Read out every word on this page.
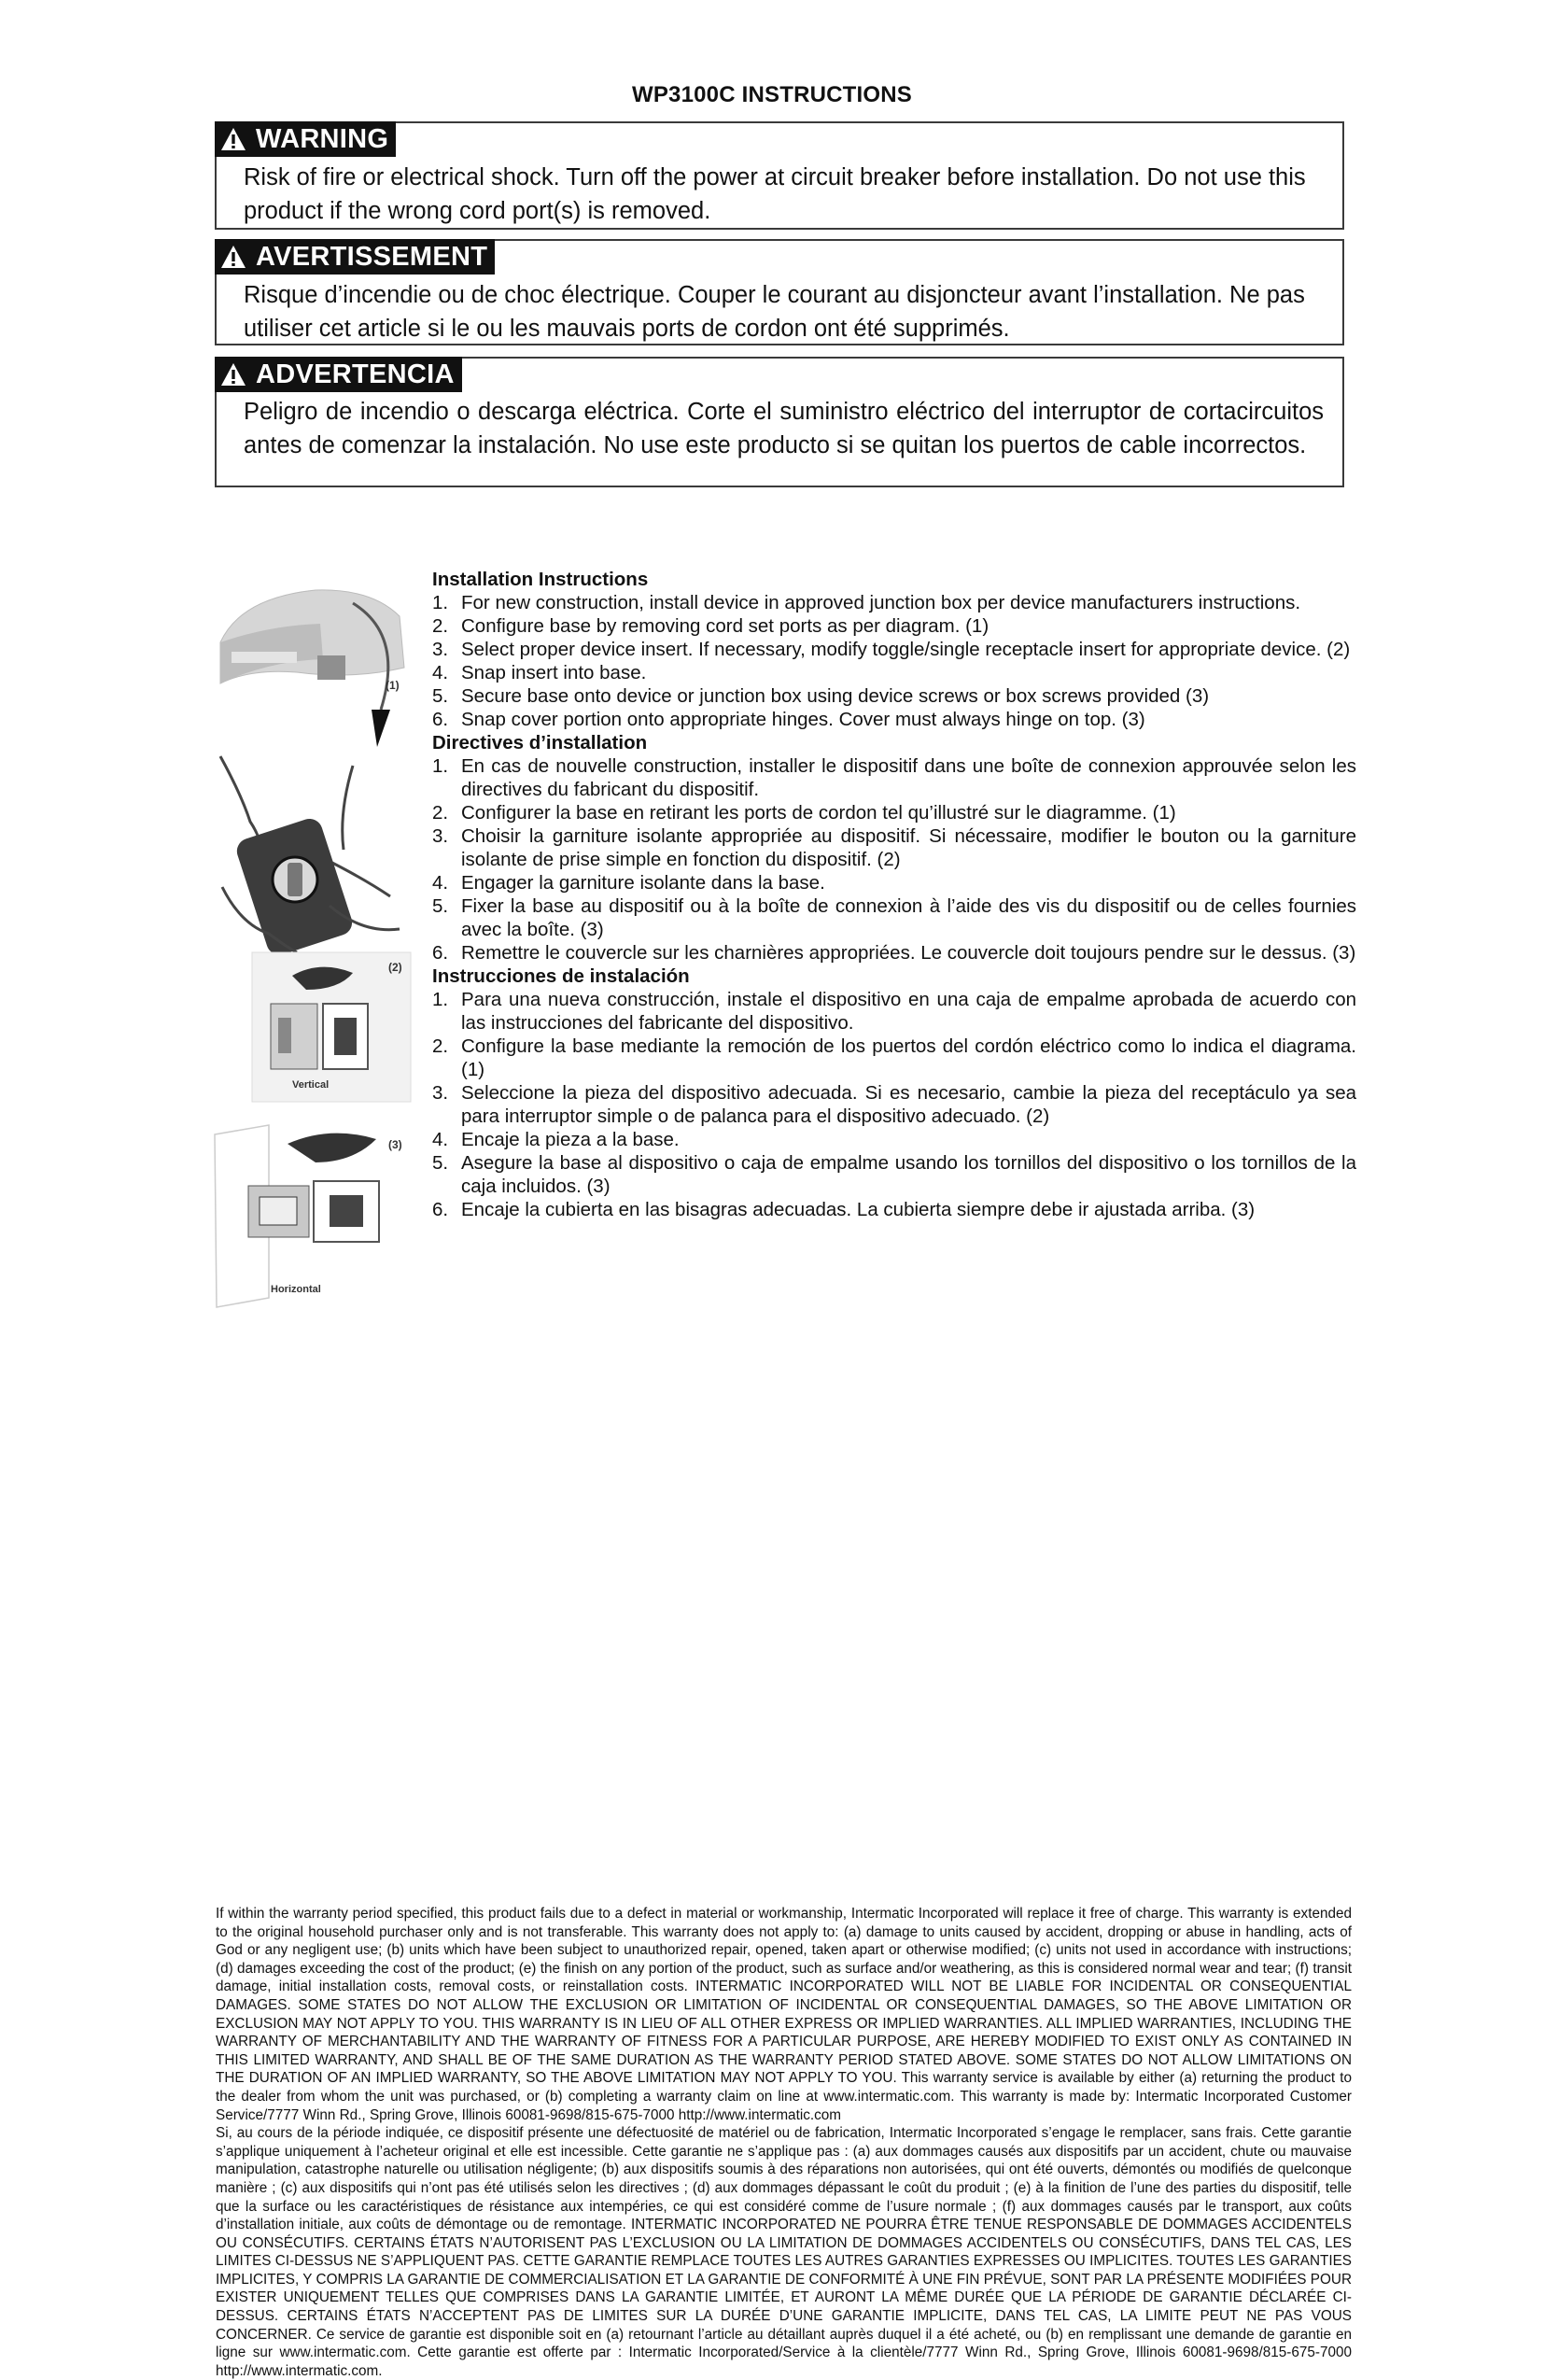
WP3100C INSTRUCTIONS
WARNING
Risk of fire or electrical shock. Turn off the power at circuit breaker before installation. Do not use this product if the wrong cord port(s) is removed.
AVERTISSEMENT
Risque d’incendie ou de choc électrique. Couper le courant au disjoncteur avant l’installation. Ne pas utiliser cet article si le ou les mauvais ports de cordon ont été supprimés.
ADVERTENCIA
Peligro de incendio o descarga eléctrica. Corte el suministro eléctrico del interruptor de cortacircuitos antes de comenzar la instalación. No use este producto si se quitan los puertos de cable incorrectos.
(1)
(2)
Vertical
(3)
Horizontal
Installation Instructions
1. For new construction, install device in approved junction box per device manufacturers instructions.
2. Configure base by removing cord set ports as per diagram. (1)
3. Select proper device insert. If necessary, modify toggle/single receptacle insert for appropriate device. (2)
4. Snap insert into base.
5. Secure base onto device or junction box using device screws or box screws provided (3)
6. Snap cover portion onto appropriate hinges. Cover must always hinge on top. (3)
Directives d’installation
1. En cas de nouvelle construction, installer le dispositif dans une boîte de connexion approuvée selon les directives du fabricant du dispositif.
2. Configurer la base en retirant les ports de cordon tel qu’illustré sur le diagramme. (1)
3. Choisir la garniture isolante appropriée au dispositif. Si nécessaire, modifier le bouton ou la garniture isolante de prise simple en fonction du dispositif. (2)
4. Engager la garniture isolante dans la base.
5. Fixer la base au dispositif ou à la boîte de connexion à l’aide des vis du dispositif ou de celles fournies avec la boîte. (3)
6. Remettre le couvercle sur les charnières appropriées. Le couvercle doit toujours pendre sur le dessus. (3)
Instrucciones de instalación
1. Para una nueva construcción, instale el dispositivo en una caja de empalme aprobada de acuerdo con las instrucciones del fabricante del dispositivo.
2. Configure la base mediante la remoción de los puertos del cordón eléctrico como lo indica el diagrama. (1)
3. Seleccione la pieza del dispositivo adecuada. Si es necesario, cambie la pieza del receptáculo ya sea para interruptor simple o de palanca para el dispositivo adecuado. (2)
4. Encaje la pieza a la base.
5. Asegure la base al dispositivo o caja de empalme usando los tornillos del dispositivo o los tornillos de la caja incluidos. (3)
6. Encaje la cubierta en las bisagras adecuadas. La cubierta siempre debe ir ajustada arriba. (3)

If within the warranty period specified, this product fails due to a defect in material or workmanship, Intermatic Incorporated will replace it free of charge. This warranty is extended to the original household purchaser only and is not transferable. This warranty does not apply to: (a) damage to units caused by accident, dropping or abuse in handling, acts of God or any negligent use; (b) units which have been subject to unauthorized repair, opened, taken apart or otherwise modified; (c) units not used in accordance with instructions; (d) damages exceeding the cost of the product; (e) the finish on any portion of the product, such as surface and/or weathering, as this is considered normal wear and tear; (f) transit damage, initial installation costs, removal costs, or reinstallation costs. INTERMATIC INCORPORATED WILL NOT BE LIABLE FOR INCIDENTAL OR CONSEQUENTIAL DAMAGES. SOME STATES DO NOT ALLOW THE EXCLUSION OR LIMITATION OF INCIDENTAL OR CONSEQUENTIAL DAMAGES, SO THE ABOVE LIMITATION OR EXCLUSION MAY NOT APPLY TO YOU. THIS WARRANTY IS IN LIEU OF ALL OTHER EXPRESS OR IMPLIED WARRANTIES. ALL IMPLIED WARRANTIES, INCLUDING THE WARRANTY OF MERCHANTABILITY AND THE WARRANTY OF FITNESS FOR A PARTICULAR PURPOSE, ARE HEREBY MODIFIED TO EXIST ONLY AS CONTAINED IN THIS LIMITED WARRANTY, AND SHALL BE OF THE SAME DURATION AS THE WARRANTY PERIOD STATED ABOVE. SOME STATES DO NOT ALLOW LIMITATIONS ON THE DURATION OF AN IMPLIED WARRANTY, SO THE ABOVE LIMITATION MAY NOT APPLY TO YOU. This warranty service is available by either (a) returning the product to the dealer from whom the unit was purchased, or (b) completing a warranty claim on line at www.intermatic.com. This warranty is made by: Intermatic Incorporated Customer Service/7777 Winn Rd., Spring Grove, Illinois 60081-9698/815-675-7000 http://www.intermatic.com

Si, au cours de la période indiquée, ce dispositif présente une défectuosité de matériel ou de fabrication, Intermatic Incorporated s’engage le remplacer, sans frais. Cette garantie s’applique uniquement à l’acheteur original et elle est incessible. Cette garantie ne s’applique pas : (a) aux dommages causés aux dispositifs par un accident, chute ou mauvaise manipulation, catastrophe naturelle ou utilisation négligente; (b) aux dispositifs soumis à des réparations non autorisées, qui ont été ouverts, démontés ou modifiés de quelconque manière ; (c) aux dispositifs qui n’ont pas été utilisés selon les directives ; (d) aux dommages dépassant le coût du produit ; (e) à la finition de l’une des parties du dispositif, telle que la surface ou les caractéristiques de résistance aux intempéries, ce qui est considéré comme de l’usure normale ; (f) aux dommages causés par le transport, aux coûts d’installation initiale, aux coûts de démontage ou de remontage. INTERMATIC INCORPORATED NE POURRA ÊTRE TENUE RESPONSABLE DE DOMMAGES ACCIDENTELS OU CONSÉCUTIFS. CERTAINS ÉTATS N’AUTORISENT PAS L’EXCLUSION OU LA LIMITATION DE DOMMAGES ACCIDENTELS OU CONSÉCUTIFS, DANS TEL CAS, LES LIMITES CI-DESSUS NE S’APPLIQUENT PAS. CETTE GARANTIE REMPLACE TOUTES LES AUTRES GARANTIES EXPRESSES OU IMPLICITES. TOUTES LES GARANTIES IMPLICITES, Y COMPRIS LA GARANTIE DE COMMERCIALISATION ET LA GARANTIE DE CONFORMITÉ À UNE FIN PRÉVUE, SONT PAR LA PRÉSENTE MODIFIÉES POUR EXISTER UNIQUEMENT TELLES QUE COMPRISES DANS LA GARANTIE LIMITÉE, ET AURONT LA MÊME DURÉE QUE LA PÉRIODE DE GARANTIE DÉCLARÉE CI-DESSUS. CERTAINS ÉTATS N’ACCEPTENT PAS DE LIMITES SUR LA DURÉE D’UNE GARANTIE IMPLICITE, DANS TEL CAS, LA LIMITE PEUT NE PAS VOUS CONCERNER. Ce service de garantie est disponible soit en (a) retournant l’article au détaillant auprès duquel il a été acheté, ou (b) en remplissant une demande de garantie en ligne sur www.intermatic.com. Cette garantie est offerte par : Intermatic Incorporated/Service à la clientèle/7777 Winn Rd., Spring Grove, Illinois 60081-9698/815-675-7000 http://www.intermatic.com.
